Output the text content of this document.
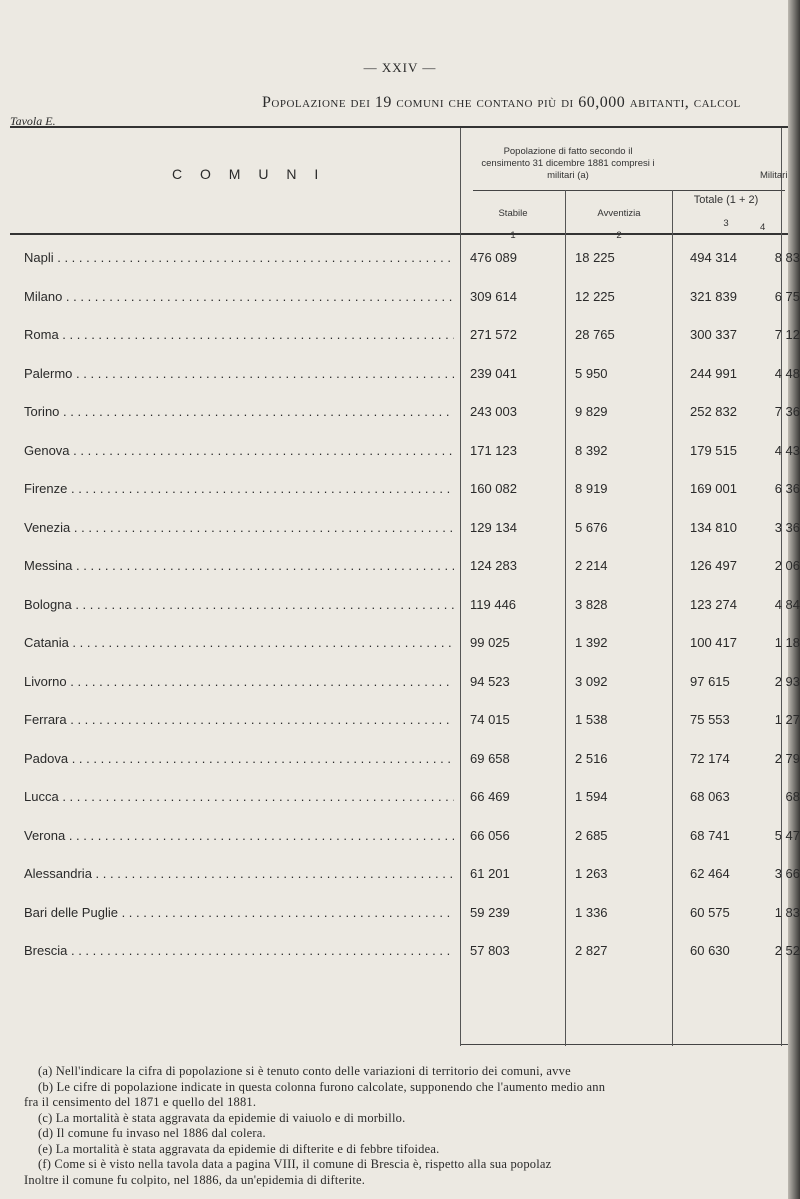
— XXIV —
Popolazione dei 19 comuni che contano più di 60,000 abitanti, calcol
Tavola E.
C O M U N I
Popolazione di fatto secondo il censimento 31 dicembre 1881 compresi i militari (a)
Stabile
1
Avventizia
2
Totale (1 + 2)
3
Militari
4
Napli . . .	476 089	18 225	494 314	8 83
Milano . . .	309 614	12 225	321 839	6 75
Roma . . .	271 572	28 765	300 337	7 12
Palermo . . .	239 041	5 950	244 991	4 48
Torino . . .	243 003	9 829	252 832	7 36
Genova . . .	171 123	8 392	179 515	4 43
Firenze . . .	160 082	8 919	169 001	6 36
Venezia . . .	129 134	5 676	134 810	3 36
Messina . . .	124 283	2 214	126 497	2 06
Bologna . . .	119 446	3 828	123 274	4 84
Catania . . .	99 025	1 392	100 417	1 18
Livorno . . .	94 523	3 092	97 615	2 93
Ferrara . . .	74 015	1 538	75 553	1 27
Padova . . .	69 658	2 516	72 174	2 79
Lucca . . .	66 469	1 594	68 063	68
Verona . . .	66 056	2 685	68 741	5 47
Alessandria . . .	61 201	1 263	62 464	3 66
Bari delle Puglie . . .	59 239	1 336	60 575	1 83
Brescia . . .	57 803	2 827	60 630	2 52

(a) Nell'indicare la cifra di popolazione si è tenuto conto delle variazioni di territorio dei comuni, avve

(b) Le cifre di popolazione indicate in questa colonna furono calcolate, supponendo che l'aumento medio ann

fra il censimento del 1871 e quello del 1881.

(c) La mortalità è stata aggravata da epidemie di vaiuolo e di morbillo.

(d) Il comune fu invaso nel 1886 dal colera.

(e) La mortalità è stata aggravata da epidemie di difterite e di febbre tifoidea.

(f) Come si è visto nella tavola data a pagina VIII, il comune di Brescia è, rispetto alla sua popolaz

Inoltre il comune fu colpito, nel 1886, da un'epidemia di difterite.
